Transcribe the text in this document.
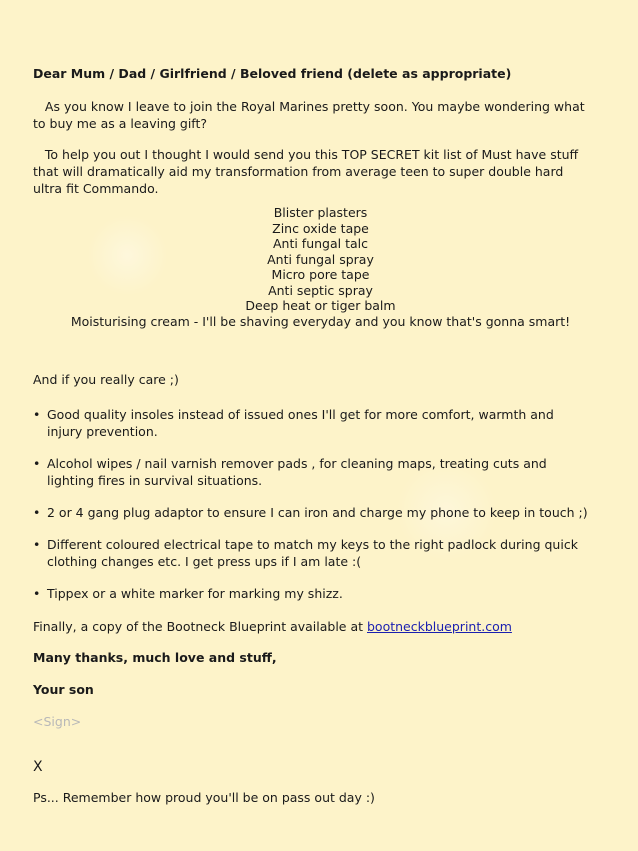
Dear Mum / Dad / Girlfriend / Beloved friend (delete as appropriate)
As you know I leave to join the Royal Marines pretty soon. You maybe wondering what to buy me as a leaving gift?
To help you out I thought I would send you this TOP SECRET kit list of Must have stuff that will dramatically aid my transformation from average teen to super double hard ultra fit Commando.
Blister plasters
Zinc oxide tape
Anti fungal talc
Anti fungal spray
Micro pore tape
Anti septic spray
Deep heat or tiger balm
Moisturising cream - I'll be shaving everyday and you know that's gonna smart!
And if you really care ;)
• Good quality insoles instead of issued ones I'll get for more comfort, warmth and injury prevention.
• Alcohol wipes / nail varnish remover pads , for cleaning maps, treating cuts and lighting fires in survival situations.
• 2 or 4 gang plug adaptor to ensure I can iron and charge my phone to keep in touch ;)
• Different coloured electrical tape to match my keys to the right padlock during quick clothing changes etc. I get press ups if I am late :(
• Tippex or a white marker for marking my shizz.
Finally, a copy of the Bootneck Blueprint available at bootneckblueprint.com
Many thanks, much love and stuff,
Your son
<Sign>
X
Ps... Remember how proud you'll be on pass out day :)
